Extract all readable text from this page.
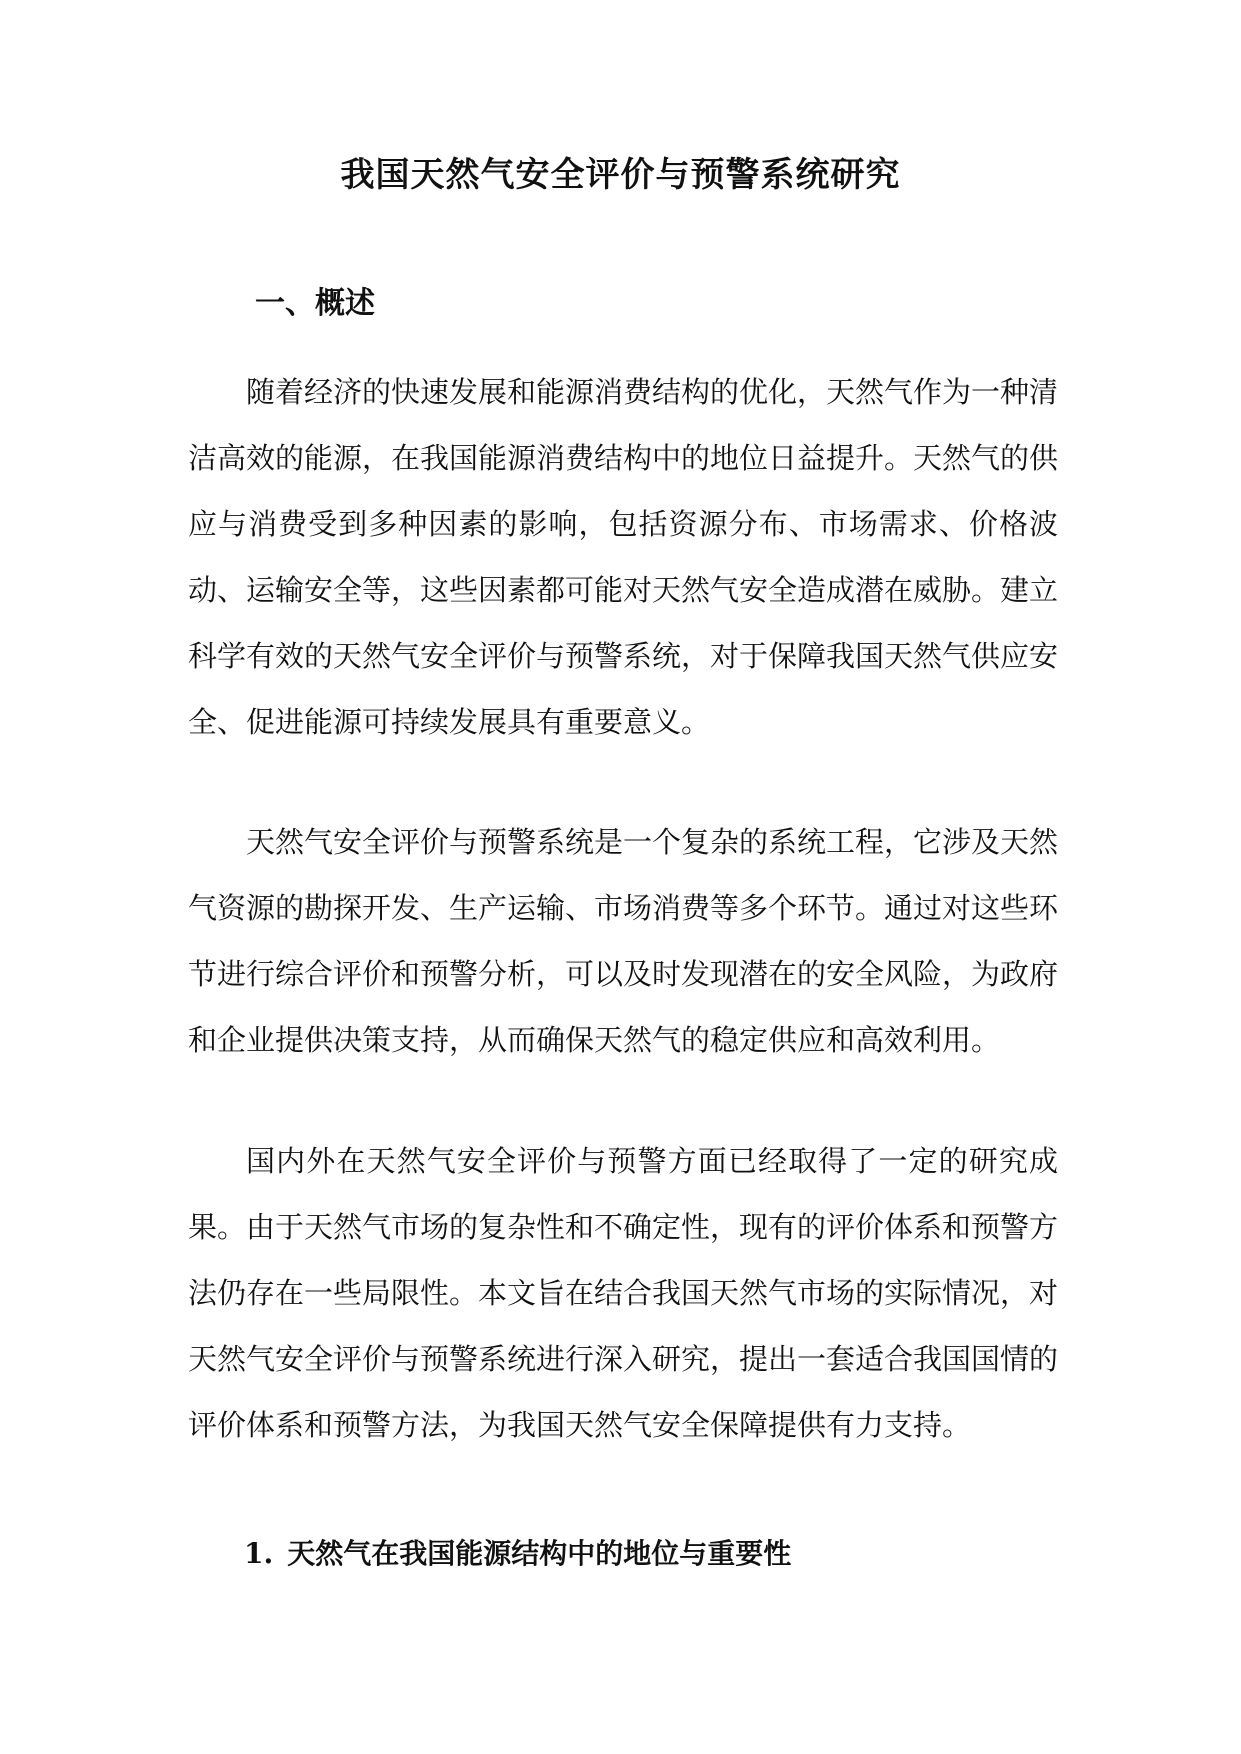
我国天然气安全评价与预警系统研究
一、概述

随着经济的快速发展和能源消费结构的优化，天然气作为一种清洁高效的能源，在我国能源消费结构中的地位日益提升。天然气的供应与消费受到多种因素的影响，包括资源分布、市场需求、价格波动、运输安全等，这些因素都可能对天然气安全造成潜在威胁。建立科学有效的天然气安全评价与预警系统，对于保障我国天然气供应安全、促进能源可持续发展具有重要意义。

天然气安全评价与预警系统是一个复杂的系统工程，它涉及天然气资源的勘探开发、生产运输、市场消费等多个环节。通过对这些环节进行综合评价和预警分析，可以及时发现潜在的安全风险，为政府和企业提供决策支持，从而确保天然气的稳定供应和高效利用。

国内外在天然气安全评价与预警方面已经取得了一定的研究成果。由于天然气市场的复杂性和不确定性，现有的评价体系和预警方法仍存在一些局限性。本文旨在结合我国天然气市场的实际情况，对天然气安全评价与预警系统进行深入研究，提出一套适合我国国情的评价体系和预警方法，为我国天然气安全保障提供有力支持。

1. 天然气在我国能源结构中的地位与重要性
